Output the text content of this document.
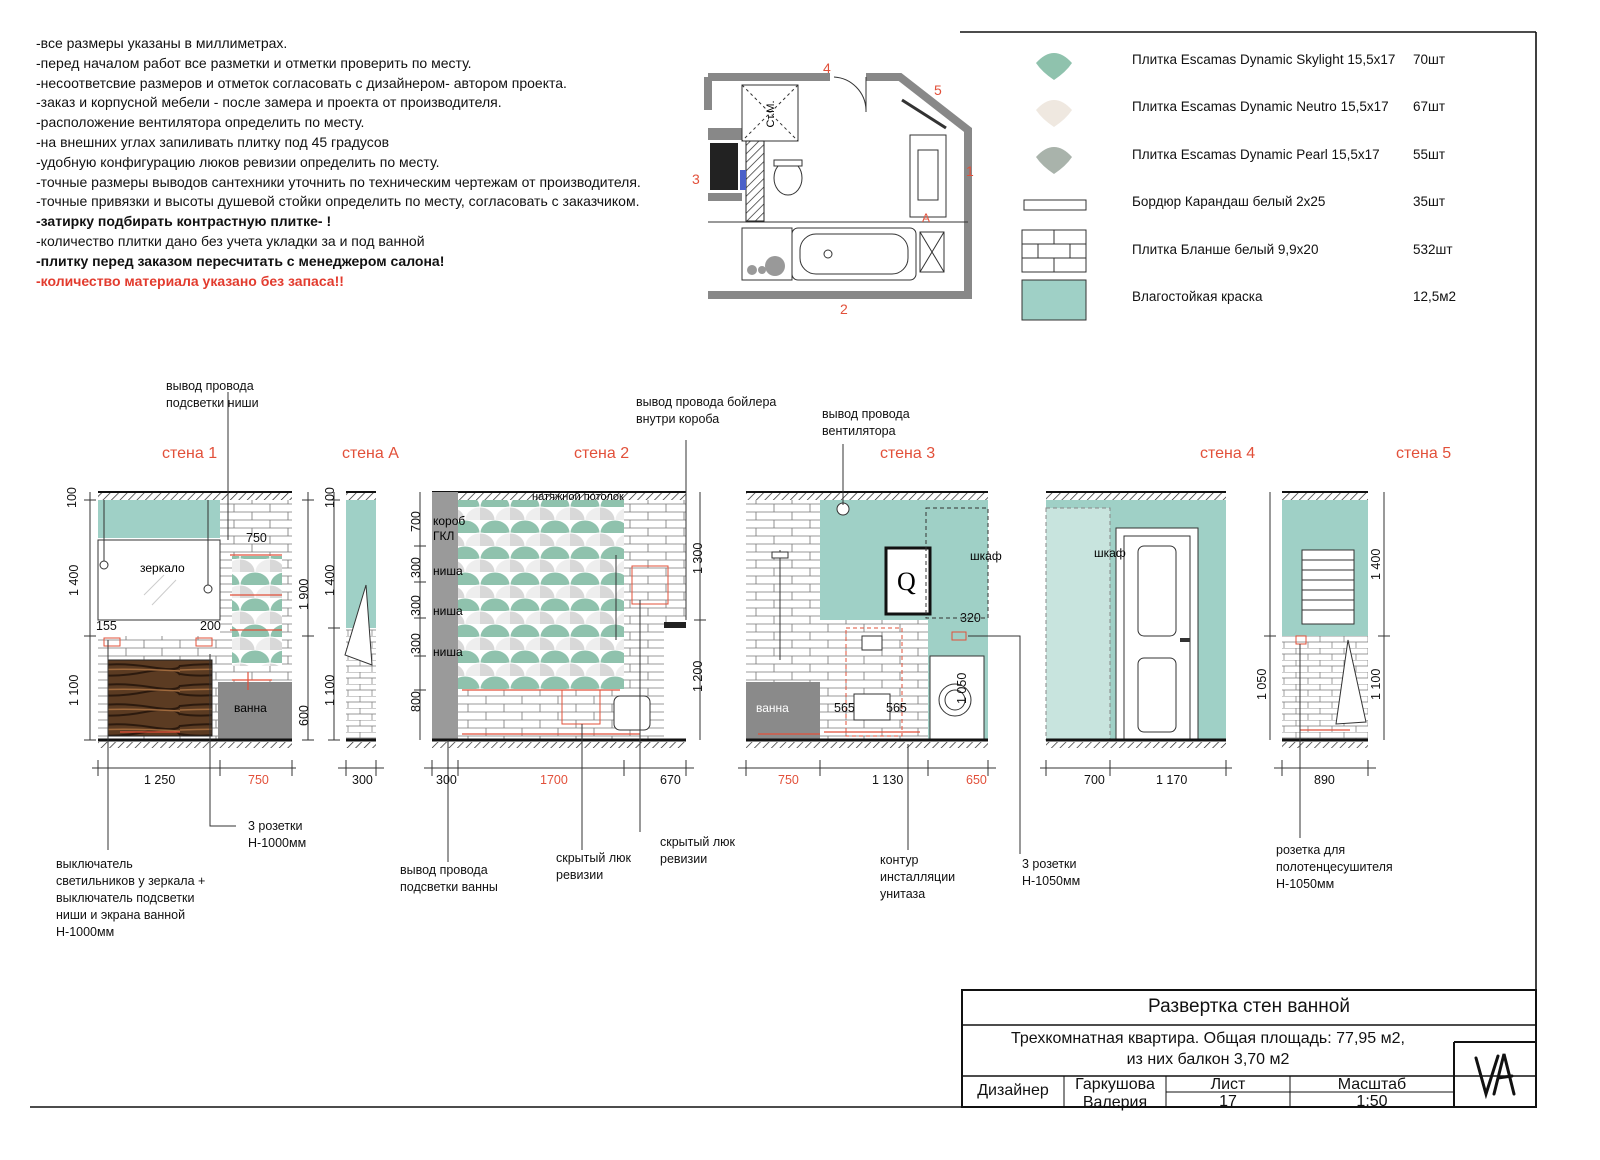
Ст.М.
4
5
1
3
2
А
зеркало
ванна
натяжной потолок
короб
ГКЛ
ниша
ниша
ниша
Q
шкаф
ванна
шкаф
-все размеры указаны в миллиметрах.
-перед началом работ все разметки и отметки проверить по месту.
-несоответсвие размеров и отметок согласовать с дизайнером- автором проекта.
-заказ и корпусной мебели - после замера и проекта от производителя.
-расположение вентилятора определить по месту.
-на внешних углах запиливать плитку под 45 градусов
-удобную конфигурацию люков ревизии определить по месту.
-точные размеры выводов сантехники уточнить по техническим чертежам от производителя.
-точные привязки и высоты душевой стойки определить по месту, согласовать с заказчиком.
-затирку подбирать контрастную плитке- !
-количество плитки дано без учета укладки за и под ванной
-плитку перед заказом пересчитать с менеджером салона!
-количество материала указано без запаса!!
Плитка Escamas Dynamic Skylight 15,5х17 70шт
Плитка Escamas Dynamic Neutro 15,5х17 67шт
Плитка Escamas Dynamic Pearl 15,5х17 55шт
Бордюр Карандаш белый 2х25	35шт
Плитка Бланше белый 9,9х20	532шт
Влагостойкая краска	12,5м2
стена 1	стена А	стена 2	стена 3	стена 4	стена 5
1 250	750	300	300	1700	670	750	1 130	650	700	1 170	890
100
1 400
1 100
1 900
600
750
155	200
100
1 400
1 100
700
300
300
300
800
1 300
1 200
320
565 565
1 050	1 050
1 400
1 100
вывод провода
подсветки ниши	вывод провода бойлера
внутри короба	вывод провода
вентилятора
3 розетки
Н-1000мм
выключатель
светильников у зеркала +
выключатель подсветки
ниши и экрана ванной
Н-1000мм
вывод провода
подсветки ванны
скрытый люк
ревизии
скрытый люк
ревизии	контур
инсталляции
унитаза
3 розетки
Н-1050мм
розетка для
полотенцесушителя
Н-1050мм
Развертка стен ванной
Трехкомнатная квартира. Общая площадь: 77,95 м2,
из них балкон 3,70 м2
Дизайнер	Гаркушова
Валерия
Лист
17
Масштаб
1:50
